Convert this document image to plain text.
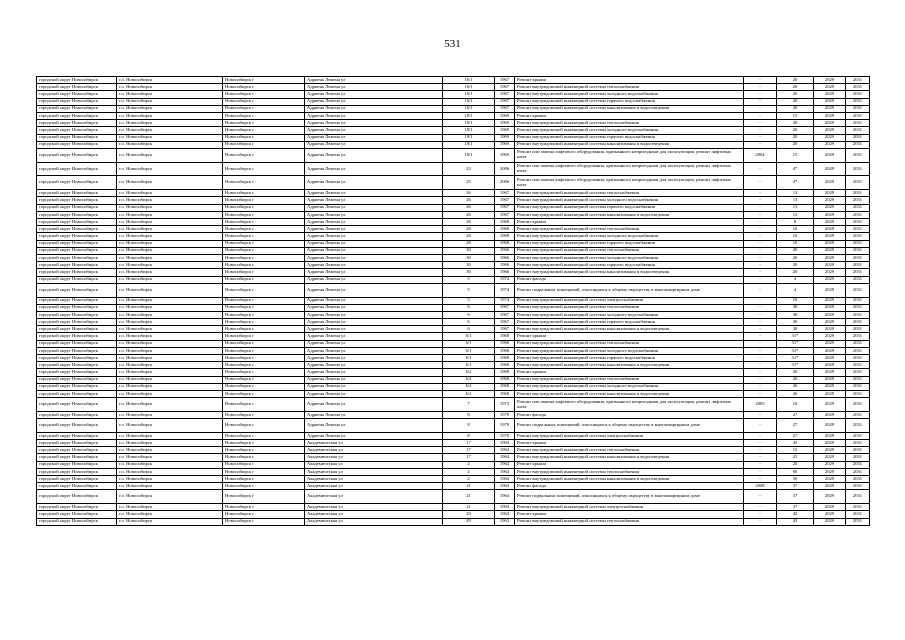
531
городской округ Новосибирск	г.о. Новосибирск	Новосибирск г	Адриена Лежена ул	16/1	1967	Ремонт крыши	-	20	2029	2031
городской округ Новосибирск	г.о. Новосибирск	Новосибирск г	Адриена Лежена ул	16/1	1967	Ремонт внутридомовой инженерной системы теплоснабжения	-	20	2029	2031
городской округ Новосибирск	г.о. Новосибирск	Новосибирск г	Адриена Лежена ул	16/1	1967	Ремонт внутридомовой инженерной системы холодного водоснабжения	-	20	2029	2031
городской округ Новосибирск	г.о. Новосибирск	Новосибирск г	Адриена Лежена ул	16/1	1967	Ремонт внутридомовой инженерной системы горячего водоснабжения	-	20	2029	2031
городской округ Новосибирск	г.о. Новосибирск	Новосибирск г	Адриена Лежена ул	16/1	1967	Ремонт внутридомовой инженерной системы канализования и водоотведения	-	20	2029	2031
городской округ Новосибирск	г.о. Новосибирск	Новосибирск г	Адриена Лежена ул	18/1	1969	Ремонт крыши	-	15	2029	2031
городской округ Новосибирск	г.о. Новосибирск	Новосибирск г	Адриена Лежена ул	18/1	1969	Ремонт внутридомовой инженерной системы теплоснабжения	-	20	2029	2031
городской округ Новосибирск	г.о. Новосибирск	Новосибирск г	Адриена Лежена ул	18/1	1969	Ремонт внутридомовой инженерной системы холодного водоснабжения	-	20	2029	2031
городской округ Новосибирск	г.о. Новосибирск	Новосибирск г	Адриена Лежена ул	18/1	1969	Ремонт внутридомовой инженерной системы горячего водоснабжения	-	20	2029	2031
городской округ Новосибирск	г.о. Новосибирск	Новосибирск г	Адриена Лежена ул	18/1	1969	Ремонт внутридомовой инженерной системы канализования и водоотведения	-	20	2029	2031
городской округ Новосибирск	г.о. Новосибирск	Новосибирск г	Адриена Лежена ул	18/1	1969	Ремонт или замена лифтового оборудования, признанного непригодным для эксплуатации, ремонт лифтовых шахт	2004	15	2029	2031
городской округ Новосибирск	г.о. Новосибирск	Новосибирск г	Адриена Лежена ул	23	2006	Ремонт или замена лифтового оборудования, признанного непригодным для эксплуатации, ремонт лифтовых шахт	-	4*	2029	2031
городской округ Новосибирск	г.о. Новосибирск	Новосибирск г	Адриена Лежена ул	25	2006	Ремонт или замена лифтового оборудования, признанного непригодным для эксплуатации, ремонт лифтовых шахт	-	4*	2029	2031
городской округ Новосибирск	г.о. Новосибирск	Новосибирск г	Адриена Лежена ул	26	1967	Ремонт внутридомовой инженерной системы теплоснабжения	-	13	2029	2031
городской округ Новосибирск	г.о. Новосибирск	Новосибирск г	Адриена Лежена ул	26	1967	Ремонт внутридомовой инженерной системы холодного водоснабжения	-	13	2029	2031
городской округ Новосибирск	г.о. Новосибирск	Новосибирск г	Адриена Лежена ул	26	1967	Ремонт внутридомовой инженерной системы горячего водоснабжения	-	13	2029	2031
городской округ Новосибирск	г.о. Новосибирск	Новосибирск г	Адриена Лежена ул	26	1967	Ремонт внутридомовой инженерной системы канализования и водоотведения	-	13	2029	2031
городской округ Новосибирск	г.о. Новосибирск	Новосибирск г	Адриена Лежена ул	28	1968	Ремонт крыши	-	8	2029	2031
городской округ Новосибирск	г.о. Новосибирск	Новосибирск г	Адриена Лежена ул	28	1968	Ремонт внутридомовой инженерной системы теплоснабжения	-	10	2029	2031
городской округ Новосибирск	г.о. Новосибирск	Новосибирск г	Адриена Лежена ул	28	1968	Ремонт внутридомовой инженерной системы холодного водоснабжения	-	10	2029	2031
городской округ Новосибирск	г.о. Новосибирск	Новосибирск г	Адриена Лежена ул	28	1968	Ремонт внутридомовой инженерной системы горячего водоснабжения	-	10	2029	2031
городской округ Новосибирск	г.о. Новосибирск	Новосибирск г	Адриена Лежена ул	30	1966	Ремонт внутридомовой инженерной системы теплоснабжения	-	20	2029	2031
городской округ Новосибирск	г.о. Новосибирск	Новосибирск г	Адриена Лежена ул	30	1966	Ремонт внутридомовой инженерной системы холодного водоснабжения	-	20	2029	2031
городской округ Новосибирск	г.о. Новосибирск	Новосибирск г	Адриена Лежена ул	30	1966	Ремонт внутридомовой инженерной системы горячего водоснабжения	-	20	2029	2031
городской округ Новосибирск	г.о. Новосибирск	Новосибирск г	Адриена Лежена ул	30	1966	Ремонт внутридомовой инженерной системы канализования и водоотведения	-	20	2029	2031
городской округ Новосибирск	г.о. Новосибирск	Новосибирск г	Адриена Лежена ул	5	1974	Ремонт фасада	-	4	2029	2031
городской округ Новосибирск	г.о. Новосибирск	Новосибирск г	Адриена Лежена ул	5	1974	Ремонт подвальных помещений, относящихся к общему имуществу в многоквартирном доме	-	4	2029	2031
городской округ Новосибирск	г.о. Новосибирск	Новосибирск г	Адриена Лежена ул	5	1974	Ремонт внутридомовой инженерной системы электроснабжения	-	10	2029	2031
городской округ Новосибирск	г.о. Новосибирск	Новосибирск г	Адриена Лежена ул	6	1967	Ремонт внутридомовой инженерной системы теплоснабжения	-	30	2029	2031
городской округ Новосибирск	г.о. Новосибирск	Новосибирск г	Адриена Лежена ул	6	1967	Ремонт внутридомовой инженерной системы холодного водоснабжения	-	30	2029	2031
городской округ Новосибирск	г.о. Новосибирск	Новосибирск г	Адриена Лежена ул	6	1967	Ремонт внутридомовой инженерной системы горячего водоснабжения	-	30	2029	2031
городской округ Новосибирск	г.о. Новосибирск	Новосибирск г	Адриена Лежена ул	6	1967	Ремонт внутридомовой инженерной системы канализования и водоотведения	-	30	2029	2031
городской округ Новосибирск	г.о. Новосибирск	Новосибирск г	Адриена Лежена ул	6/1	1968	Ремонт крыши	-	31*	2029	2031
городской округ Новосибирск	г.о. Новосибирск	Новосибирск г	Адриена Лежена ул	6/1	1968	Ремонт внутридомовой инженерной системы теплоснабжения	-	31*	2029	2031
городской округ Новосибирск	г.о. Новосибирск	Новосибирск г	Адриена Лежена ул	6/1	1968	Ремонт внутридомовой инженерной системы холодного водоснабжения	-	31*	2029	2031
городской округ Новосибирск	г.о. Новосибирск	Новосибирск г	Адриена Лежена ул	6/1	1968	Ремонт внутридомовой инженерной системы горячего водоснабжения	-	31*	2029	2031
городской округ Новосибирск	г.о. Новосибирск	Новосибирск г	Адриена Лежена ул	6/1	1968	Ремонт внутридомовой инженерной системы канализования и водоотведения	-	31*	2029	2031
городской округ Новосибирск	г.о. Новосибирск	Новосибирск г	Адриена Лежена ул	6/2	1968	Ремонт крыши	-	26	2029	2031
городской округ Новосибирск	г.о. Новосибирск	Новосибирск г	Адриена Лежена ул	6/2	1968	Ремонт внутридомовой инженерной системы теплоснабжения	-	26	2029	2031
городской округ Новосибирск	г.о. Новосибирск	Новосибирск г	Адриена Лежена ул	6/2	1968	Ремонт внутридомовой инженерной системы холодного водоснабжения	-	26	2029	2031
городской округ Новосибирск	г.о. Новосибирск	Новосибирск г	Адриена Лежена ул	6/2	1968	Ремонт внутридомовой инженерной системы канализования и водоотведения	-	26	2029	2031
городской округ Новосибирск	г.о. Новосибирск	Новосибирск г	Адриена Лежена ул	7	1973	Ремонт или замена лифтового оборудования, признанного непригодным для эксплуатации, ремонт лифтовых шахт	2005	10	2029	2031
городской округ Новосибирск	г.о. Новосибирск	Новосибирск г	Адриена Лежена ул	8	1979	Ремонт фасада	-	27	2029	2031
городской округ Новосибирск	г.о. Новосибирск	Новосибирск г	Адриена Лежена ул	8	1979	Ремонт подвальных помещений, относящихся к общему имуществу в многоквартирном доме	-	27	2029	2031
городской округ Новосибирск	г.о. Новосибирск	Новосибирск г	Адриена Лежена ул	8	1979	Ремонт внутридомовой инженерной системы электроснабжения	-	27	2029	2031
городской округ Новосибирск	г.о. Новосибирск	Новосибирск г	Академическая ул	17	1964	Ремонт крыши	-	45	2029	2031
городской округ Новосибирск	г.о. Новосибирск	Новосибирск г	Академическая ул	17	1964	Ремонт внутридомовой инженерной системы теплоснабжения	-	15	2029	2031
городской округ Новосибирск	г.о. Новосибирск	Новосибирск г	Академическая ул	17	1964	Ремонт внутридомовой инженерной системы канализования и водоотведения	-	25	2029	2031
городской округ Новосибирск	г.о. Новосибирск	Новосибирск г	Академическая ул	2	1964	Ремонт крыши	-	20	2029	2031
городской округ Новосибирск	г.о. Новосибирск	Новосибирск г	Академическая ул	2	1964	Ремонт внутридомовой инженерной системы теплоснабжения	-	60	2029	2031
городской округ Новосибирск	г.о. Новосибирск	Новосибирск г	Академическая ул	2	1964	Ремонт внутридомовой инженерной системы канализования и водоотведения	-	50	2029	2031
городской округ Новосибирск	г.о. Новосибирск	Новосибирск г	Академическая ул	21	1964	Ремонт фасада	2008	37	2029	2031
городской округ Новосибирск	г.о. Новосибирск	Новосибирск г	Академическая ул	21	1964	Ремонт подвальных помещений, относящихся к общему имуществу в многоквартирном доме	-	37	2029	2031
городской округ Новосибирск	г.о. Новосибирск	Новосибирск г	Академическая ул	21	1964	Ремонт внутридомовой инженерной системы электроснабжения	-	37	2029	2031
городской округ Новосибирск	г.о. Новосибирск	Новосибирск г	Академическая ул	29	1963	Ремонт крыши	-	45	2029	2031
городской округ Новосибирск	г.о. Новосибирск	Новосибирск г	Академическая ул	29	1963	Ремонт внутридомовой инженерной системы теплоснабжения	-	45	2029	2031
